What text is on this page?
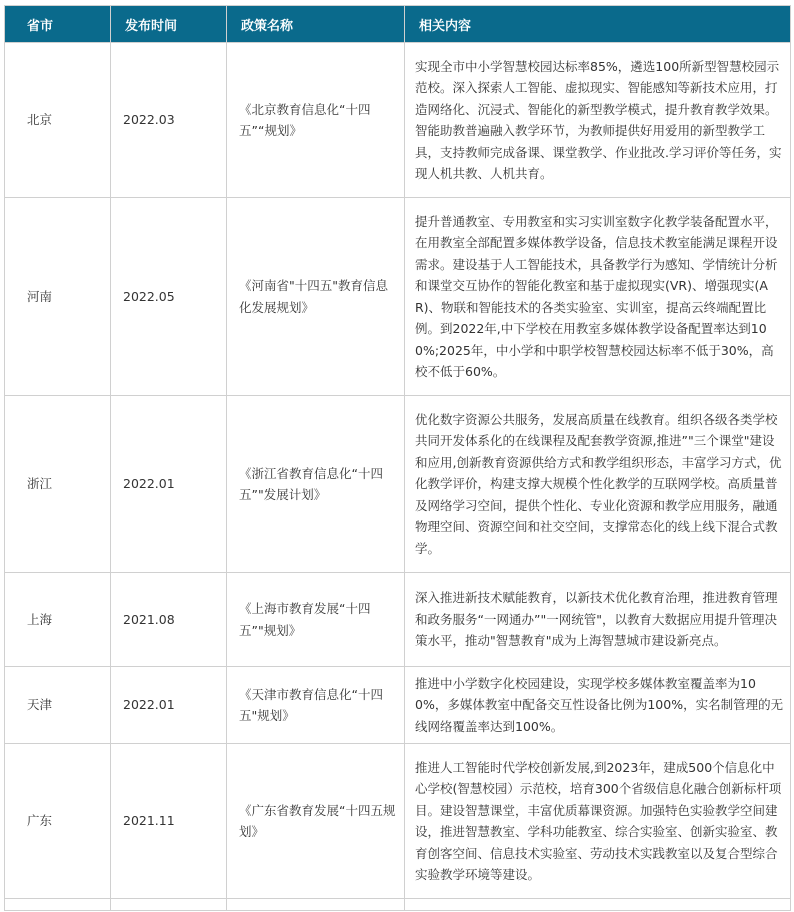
省市	发布时间	政策名称	相关内容
北京	2022.03	《北京教育信息化“十四五”“规划》	实现全市中小学智慧校园达标率85%，遴选100所新型智慧校园示范校。深入探索人工智能、虚拟现实、智能感知等新技术应用，打造网络化、沉浸式、智能化的新型教学模式，提升教育教学效果。智能助教普遍融入教学环节，为教师提供好用爱用的新型教学工具，支持教师完成备课、课堂教学、作业批改.学习评价等任务，实现人机共教、人机共育。
河南	2022.05	《河南省"十四五"教育信息化发展规划》	提升普通教室、专用教室和实习实训室数字化教学装备配置水平，在用教室全部配置多媒体教学设备，信息技术教室能满足课程开设需求。建设基于人工智能技术，具备教学行为感知、学情统计分析和课堂交互协作的智能化教室和基于虚拟现实(VR)、增强现实(AR)、物联和智能技术的各类实验室、实训室，提高云终端配置比例。到2022年,中下学校在用教室多媒体教学设备配置率达到100%;2025年，中小学和中职学校智慧校园达标率不低于30%，高校不低于60%。
浙江	2022.01	《浙江省教育信息化“十四五”"发展计划》	优化数字资源公共服务，发展高质量在线教育。组织各级各类学校共同开发体系化的在线课程及配套教学资源,推进”"三个课堂"建设和应用,创新教育资源供给方式和教学组织形态，丰富学习方式，优化教学评价，构建支撑大规模个性化教学的互联网学校。高质量普及网络学习空间，提供个性化、专业化资源和教学应用服务，融通物理空间、资源空间和社交空间，支撑常态化的线上线下混合式教学。
上海	2021.08	《上海市教育发展“十四五”"规划》	深入推进新技术赋能教育，以新技术优化教育治理，推进教育管理和政务服务“一网通办”"一网统管"，以教育大数据应用提升管理决策水平，推动"智慧教育"成为上海智慧城市建设新亮点。
天津	2022.01	《天津市教育信息化“十四五"规划》	推进中小学数字化校园建设，实现学校多媒体教室覆盖率为100%，多媒体教室中配备交互性设备比例为100%，实名制管理的无线网络覆盖率达到100%。
广东	2021.11	《广东省教育发展“十四五规划》	推进人工智能时代学校创新发展,到2023年，建成500个信息化中心学校(智慧校园）示范校，培育300个省级信息化融合创新标杆项目。建设智慧课堂，丰富优质幕课资源。加强特色实验教学空间建设，推进智慧教室、学科功能教室、综合实验室、创新实验室、教育创客空间、信息技术实验室、劳动技术实践教室以及复合型综合实验教学环境等建设。
